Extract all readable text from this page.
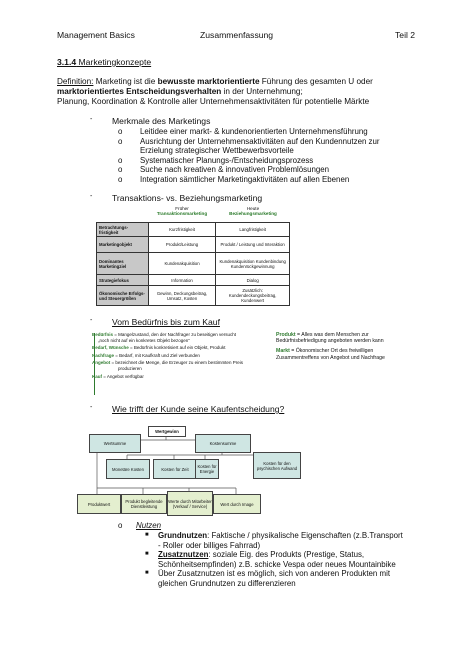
Management Basics	Zusammenfassung	Teil 2
3.1.4 Marketingkonzepte
Definition: Marketing ist die bewusste marktorientierte Führung des gesamten U oder
marktorientiertes Entscheidungsverhalten in der Unternehmung;
Planung, Koordination & Kontrolle aller Unternehmensaktivitäten für potentielle Märkte
- Merkmale des Marketings
o Leitidee einer markt- & kundenorientierten Unternehmensführung
o Ausrichtung der Unternehmensaktivitäten auf den Kundennutzen zur
Erzielung strategischer Wettbewerbsvorteile
o Systematischer Planungs-/Entscheidungsprozess
o Suche nach kreativen & innovativen Problemlösungen
o Integration sämtlicher Marketingaktivitäten auf allen Ebenen
- Transaktions- vs. Beziehungsmarketing
Früher
Transaktionsmarketing
Heute
Beziehungsmarketing
Betrachtungs-fristigkeit	Kurzfristigkeit	Langfristigkeit
Marketingobjekt	Produkt/Leistung	Produkt / Leistung und Interaktion
Dominantes Marketingziel	Kundenakquisition	Kundenakquisition Kundenbindung Kundenrückgewinnung
Strategiefokus	Information	Dialog
Ökonomische Erfolgs- und Steuergrößen	Gewinn, Deckungsbeitrag, Umsatz, Kosten	Zusätzlich: Kundendeckungsbeitrag, Kundenwert
- Vom Bedürfnis bis zum Kauf
Bedürfnis = Mangelzustand, den der Nachfrager zu beseitigen versucht
„noch nicht auf ein konkretes Objekt bezogen“
Bedarf, Wünsche = Bedürfnis konkretisiert auf ein Objekt, Produkt
Nachfrage = Bedarf, mit Kaufkraft und Ziel verbunden
Angebot = bezeichnet die Menge, die Erzeuger zu einem bestimmten Preis
produzieren
Kauf = Angebot verfügbar
Produkt = Alles was dem Menschen zur
Bedürfnisbefriedigung angeboten werden kann
Markt = Ökonomischer Ort des freiwilligen
Zusammentreffens von Angebot und Nachfrage
- Wie trifft der Kunde seine Kaufentscheidung?
Wertgewinn
Wertsumme	Kostensumme
Monetäre Kosten	Kosten für Zeit	Kosten für Energie
Kosten für den psychischen Aufwand
Produktwert	Produkt begleitende Dienstleistung
Werte durch Mitarbeiter (Verkauf / Service)	Wert durch Image
o Nutzen
■ Grundnutzen: Faktische / physikalische Eigenschaften (z.B.Transport
- Roller oder billiges Fahrrad)
■ Zusatznutzen: soziale Eig. des Produkts (Prestige, Status,
Schönheitsempfinden) z.B. schicke Vespa oder neues Mountainbike
■ Über Zusatznutzen ist es möglich, sich von anderen Produkten mit
gleichen Grundnutzen zu differenzieren
